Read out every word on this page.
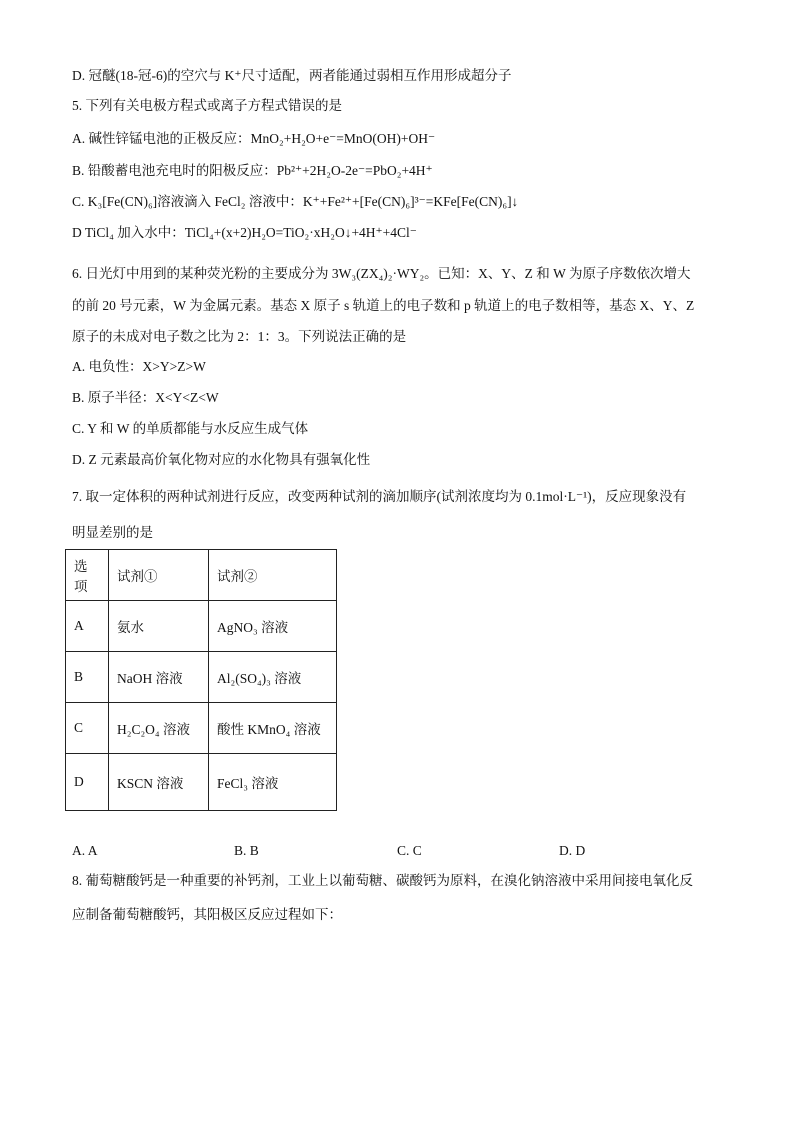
D. 冠醚(18-冠-6)的空穴与 K⁺尺寸适配，两者能通过弱相互作用形成超分子
5. 下列有关电极方程式或离子方程式错误的是
A. 碱性锌锰电池的正极反应：MnO₂+H₂O+e⁻=MnO(OH)+OH⁻
B. 铅酸蓄电池充电时的阳极反应：Pb²⁺+2H₂O-2e⁻=PbO₂+4H⁺
C. K₃[Fe(CN)₆]溶液滴入 FeCl₂ 溶液中：K⁺+Fe²⁺+[Fe(CN)₆]³⁻=KFe[Fe(CN)₆]↓
D TiCl₄ 加入水中：TiCl₄+(x+2)H₂O=TiO₂·xH₂O↓+4H⁺+4Cl⁻
6. 日光灯中用到的某种荧光粉的主要成分为 3W₃(ZX₄)₂·WY₂。已知：X、Y、Z 和 W 为原子序数依次增大
的前 20 号元素，W 为金属元素。基态 X 原子 s 轨道上的电子数和 p 轨道上的电子数相等，基态 X、Y、Z
原子的未成对电子数之比为 2：1：3。下列说法正确的是
A. 电负性：X>Y>Z>W
B. 原子半径：X<Y<Z<W
C. Y 和 W 的单质都能与水反应生成气体
D. Z 元素最高价氧化物对应的水化物具有强氧化性
7. 取一定体积的两种试剂进行反应，改变两种试剂的滴加顺序(试剂浓度均为 0.1mol·L⁻¹)，反应现象没有
明显差别的是
选项	试剂①	试剂②
A	氨水	AgNO₃ 溶液
B	NaOH 溶液	Al₂(SO₄)₃ 溶液
C	H₂C₂O₄ 溶液	酸性 KMnO₄ 溶液
D	KSCN 溶液	FeCl₃ 溶液
A. A	B. B	C. C	D. D
8. 葡萄糖酸钙是一种重要的补钙剂，工业上以葡萄糖、碳酸钙为原料，在溴化钠溶液中采用间接电氧化反
应制备葡萄糖酸钙，其阳极区反应过程如下：
